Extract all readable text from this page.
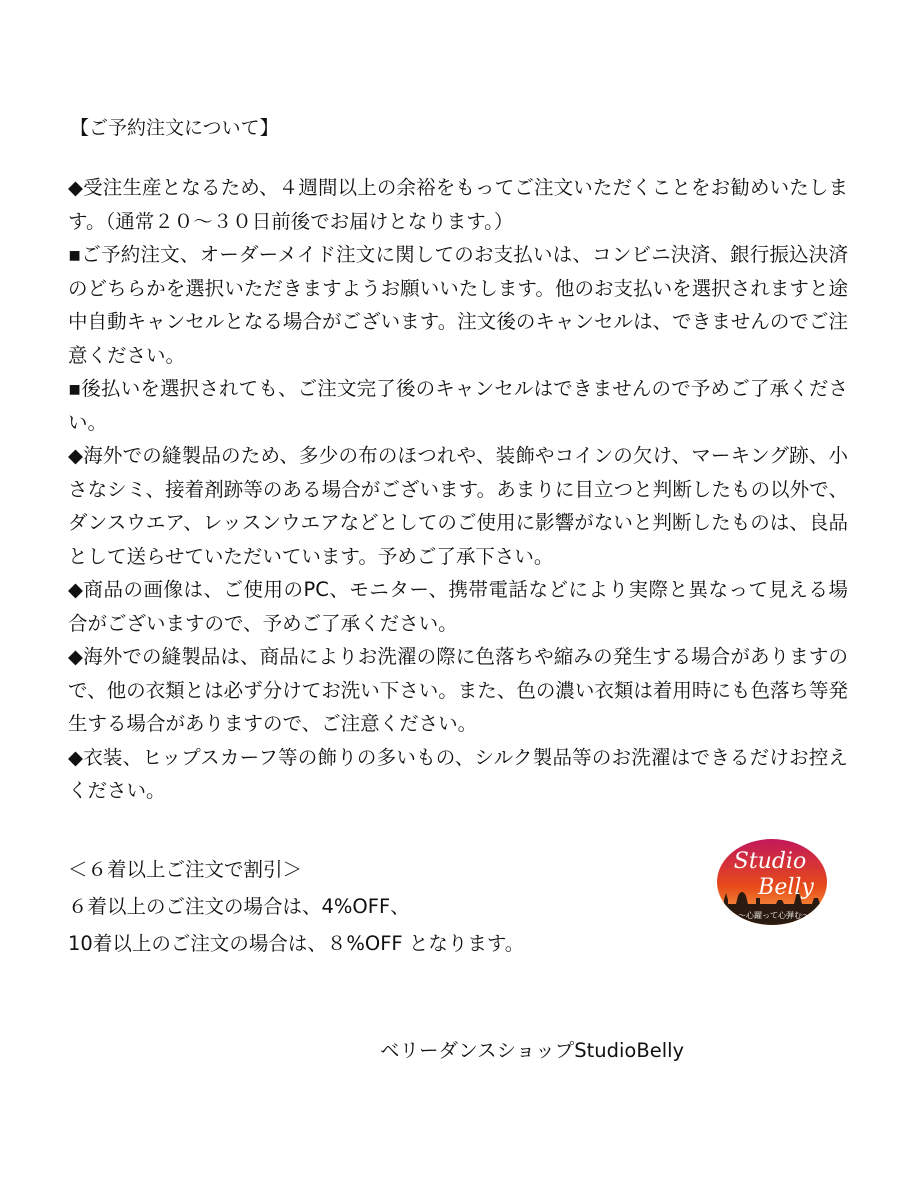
【ご予約注文について】

◆受注生産となるため、４週間以上の余裕をもってご注文いただくことをお勧めいたします。（通常２０〜３０日前後でお届けとなります。）

▪ご予約注文、オーダーメイド注文に関してのお支払いは、コンビニ決済、銀行振込決済のどちらかを選択いただきますようお願いいたします。他のお支払いを選択されますと途中自動キャンセルとなる場合がございます。注文後のキャンセルは、できませんのでご注意ください。

▪後払いを選択されても、ご注文完了後のキャンセルはできませんので予めご了承ください。

◆海外での縫製品のため、多少の布のほつれや、装飾やコインの欠け、マーキング跡、小さなシミ、接着剤跡等のある場合がございます。あまりに目立つと判断したもの以外で、ダンスウエア、レッスンウエアなどとしてのご使用に影響がないと判断したものは、良品として送らせていただいています。予めご了承下さい。

◆商品の画像は、ご使用のPC、モニター、携帯電話などにより実際と異なって見える場合がございますので、予めご了承ください。

◆海外での縫製品は、商品によりお洗濯の際に色落ちや縮みの発生する場合がありますので、他の衣類とは必ず分けてお洗い下さい。また、色の濃い衣類は着用時にも色落ち等発生する場合がありますので、ご注意ください。

◆衣装、ヒップスカーフ等の飾りの多いもの、シルク製品等のお洗濯はできるだけお控えください。

＜６着以上ご注文で割引＞
６着以上のご注文の場合は、4%OFF、
10着以上のご注文の場合は、８%OFF となります。
Studio
Belly
〜心躍って心弾む〜
ベリーダンスショップStudioBelly
